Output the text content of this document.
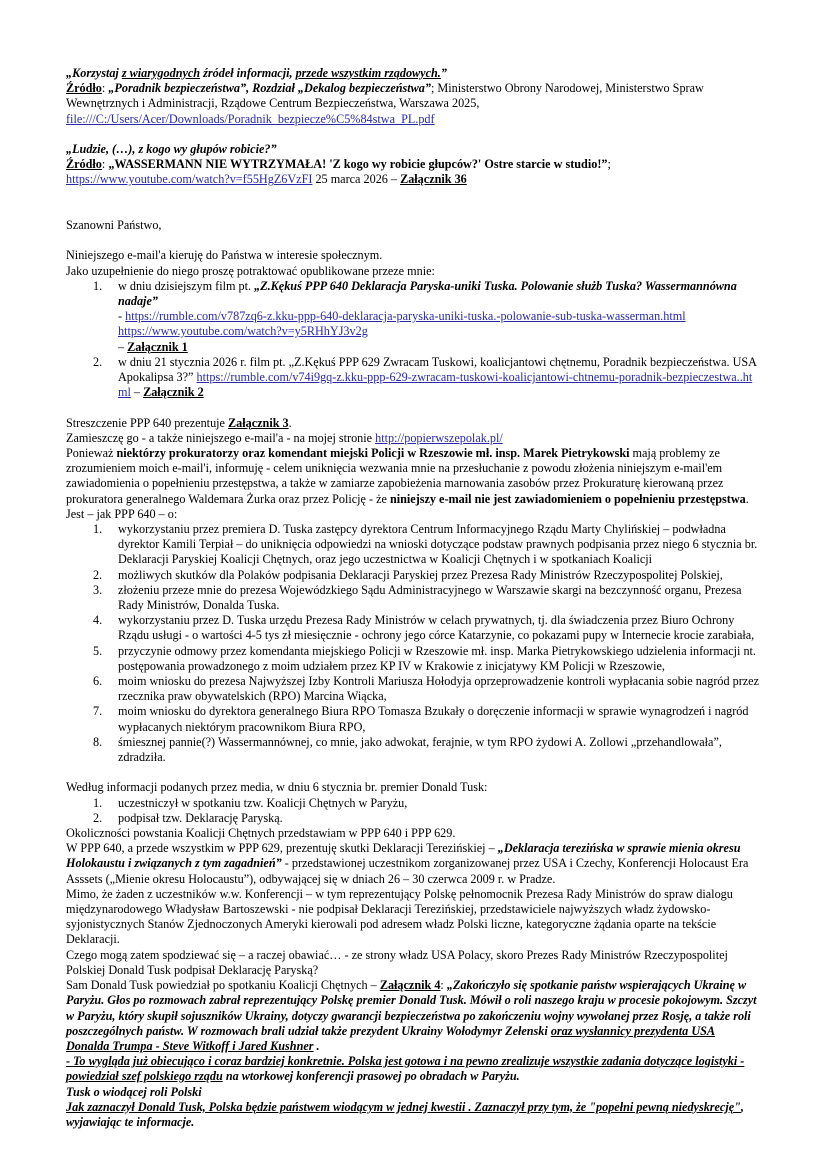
„Korzystaj z wiarygodnych źródeł informacji, przede wszystkim rządowych.”

Źródło: „Poradnik bezpieczeństwa”, Rozdział „Dekalog bezpieczeństwa”; Ministerstwo Obrony Narodowej, Ministerstwo Spraw Wewnętrznych i Administracji, Rządowe Centrum Bezpieczeństwa, Warszawa 2025,

file:///C:/Users/Acer/Downloads/Poradnik_bezpiecze%C5%84stwa_PL.pdf

„Ludzie, (…), z kogo wy głupów robicie?”

Źródło: „WASSERMANN NIE WYTRZYMAŁA! 'Z kogo wy robicie głupców?' Ostre starcie w studio!”;

https://www.youtube.com/watch?v=f55HgZ6VzFI 25 marca 2026 – Załącznik 36

Szanowni Państwo,

Niniejszego e-mail'a kieruję do Państwa w interesie społecznym.

Jako uzupełnienie do niego proszę potraktować opublikowane przeze mnie:

1.	w dniu dzisiejszym film pt. „Z.Kękuś PPP 640 Deklaracja Paryska-uniki Tuska. Polowanie służb Tuska? Wassermannówna nadaje”
- https://rumble.com/v787zq6-z.kku-ppp-640-deklaracja-paryska-uniki-tuska.-polowanie-sub-tuska-wasserman.html
https://www.youtube.com/watch?v=y5RHhYJ3v2g
– Załącznik 1
2.	w dniu 21 stycznia 2026 r. film pt. „Z.Kękuś PPP 629 Zwracam Tuskowi, koalicjantowi chętnemu, Poradnik bezpieczeństwa. USA Apokalipsa 3?” https://rumble.com/v74i9gq-z.kku-ppp-629-zwracam-tuskowi-koalicjantowi-chtnemu-poradnik-bezpieczestwa..html – Załącznik 2

Streszczenie PPP 640 prezentuje Załącznik 3.

Zamieszczę go - a także niniejszego e-mail'a - na mojej stronie http://popierwszepolak.pl/

Ponieważ niektórzy prokuratorzy oraz komendant miejski Policji w Rzeszowie mł. insp. Marek Pietrykowski mają problemy ze zrozumieniem moich e-mail'i, informuję - celem uniknięcia wezwania mnie na przesłuchanie z powodu złożenia niniejszym e-mail'em zawiadomienia o popełnieniu przestępstwa, a także w zamiarze zapobieżenia marnowania zasobów przez Prokuraturę kierowaną przez prokuratora generalnego Waldemara Żurka oraz przez Policję - że niniejszy e-mail nie jest zawiadomieniem o popełnieniu przestępstwa.

Jest – jak PPP 640 – o:

1.	wykorzystaniu przez premiera D. Tuska zastępcy dyrektora Centrum Informacyjnego Rządu Marty Chylińskiej – podwładna dyrektor Kamili Terpiał – do uniknięcia odpowiedzi na wnioski dotyczące podstaw prawnych podpisania przez niego 6 stycznia br. Deklaracji Paryskiej Koalicji Chętnych, oraz jego uczestnictwa w Koalicji Chętnych i w spotkaniach Koalicji
2.	możliwych skutków dla Polaków podpisania Deklaracji Paryskiej przez Prezesa Rady Ministrów Rzeczypospolitej Polskiej,
3.	złożeniu przeze mnie do prezesa Wojewódzkiego Sądu Administracyjnego w Warszawie skargi na bezczynność organu, Prezesa Rady Ministrów, Donalda Tuska.
4.	wykorzystaniu przez D. Tuska urzędu Prezesa Rady Ministrów w celach prywatnych, tj. dla świadczenia przez Biuro Ochrony Rządu usługi - o wartości 4-5 tys zł miesięcznie - ochrony jego córce Katarzynie, co pokazami pupy w Internecie krocie zarabiała,
5.	przyczynie odmowy przez komendanta miejskiego Policji w Rzeszowie mł. insp. Marka Pietrykowskiego udzielenia informacji nt. postępowania prowadzonego z moim udziałem przez KP IV w Krakowie z inicjatywy KM Policji w Rzeszowie,
6.	moim wniosku do prezesa Najwyższej Izby Kontroli Mariusza Hołodyja oprzeprowadzenie kontroli wypłacania sobie nagród przez rzecznika praw obywatelskich (RPO) Marcina Wiącka,
7.	moim wniosku do dyrektora generalnego Biura RPO Tomasza Bzukały o doręczenie informacji w sprawie wynagrodzeń i nagród wypłacanych niektórym pracownikom Biura RPO,
8.	śmiesznej pannie(?) Wassermannównej, co mnie, jako adwokat, ferajnie, w tym RPO żydowi A. Zollowi „przehandlowała”, zdradziła.

Według informacji podanych przez media, w dniu 6 stycznia br. premier Donald Tusk:

1.	uczestniczył w spotkaniu tzw. Koalicji Chętnych w Paryżu,
2.	podpisał tzw. Deklarację Paryską.

Okoliczności powstania Koalicji Chętnych przedstawiam w PPP 640 i PPP 629.

W PPP 640, a przede wszystkim w PPP 629, prezentuję skutki Deklaracji Terezińskiej – „Deklaracja terezińska w sprawie mienia okresu Holokaustu i związanych z tym zagadnień” - przedstawionej uczestnikom zorganizowanej przez USA i Czechy, Konferencji Holocaust Era Asssets („Mienie okresu Holocaustu”), odbywającej się w dniach 26 – 30 czerwca 2009 r. w Pradze.

Mimo, że żaden z uczestników w.w. Konferencji – w tym reprezentujący Polskę pełnomocnik Prezesa Rady Ministrów do spraw dialogu międzynarodowego Władysław Bartoszewski - nie podpisał Deklaracji Terezińskiej, przedstawiciele najwyższych władz żydowsko-syjonistycznych Stanów Zjednoczonych Ameryki kierowali pod adresem władz Polski liczne, kategoryczne żądania oparte na tekście Deklaracji.

Czego mogą zatem spodziewać się – a raczej obawiać… - ze strony władz USA Polacy, skoro Prezes Rady Ministrów Rzeczypospolitej Polskiej Donald Tusk podpisał Deklarację Paryską?

Sam Donald Tusk powiedział po spotkaniu Koalicji Chętnych – Załącznik 4: „Zakończyło się spotkanie państw wspierających Ukrainę w Paryżu. Głos po rozmowach zabrał reprezentujący Polskę premier Donald Tusk. Mówił o roli naszego kraju w procesie pokojowym. Szczyt w Paryżu, który skupił sojuszników Ukrainy, dotyczy gwarancji bezpieczeństwa po zakończeniu wojny wywołanej przez Rosję, a także roli poszczególnych państw. W rozmowach brali udział także prezydent Ukrainy Wołodymyr Zełenski oraz wysłannicy prezydenta USA Donalda Trumpa - Steve Witkoff i Jared Kushner .

- To wygląda już obiecująco i coraz bardziej konkretnie. Polska jest gotowa i na pewno zrealizuje wszystkie zadania dotyczące logistyki - powiedział szef polskiego rządu na wtorkowej konferencji prasowej po obradach w Paryżu.

Tusk o wiodącej roli Polski

Jak zaznaczył Donald Tusk, Polska będzie państwem wiodącym w jednej kwestii . Zaznaczył przy tym, że "popełni pewną niedyskrecję", wyjawiając te informacje.
